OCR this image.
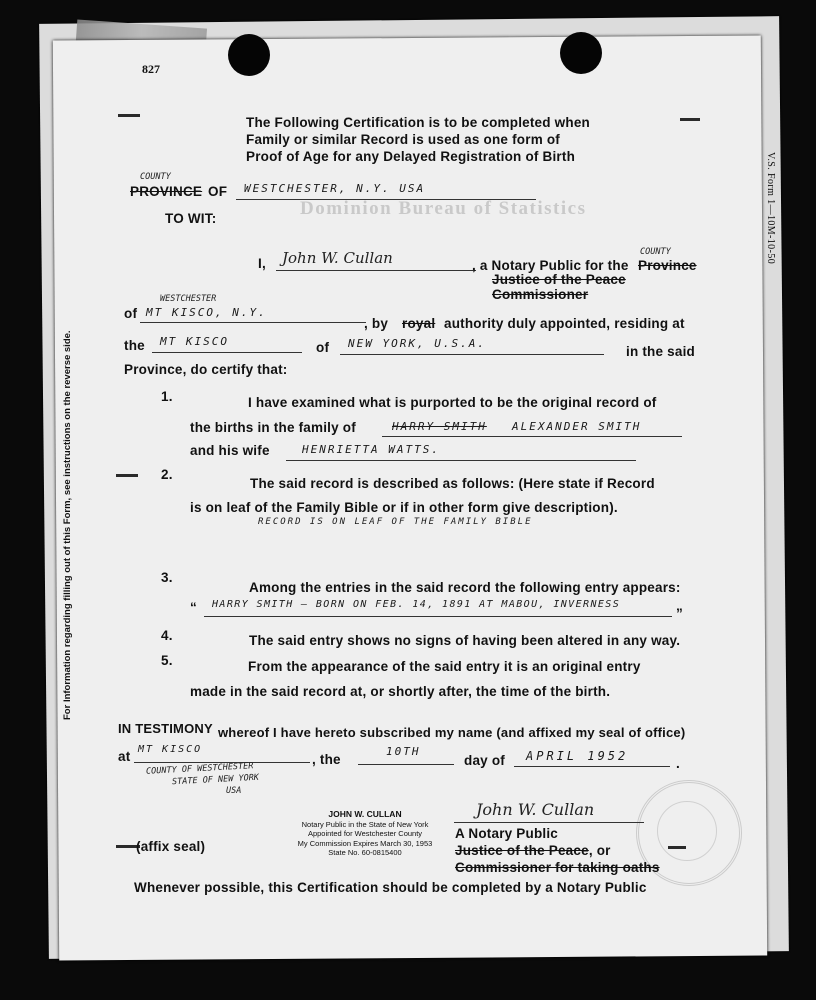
827
Dominion Bureau of Statistics
For Information regarding filling out of this Form, see instructions on the reverse side.
V.S. Form 1—10M-10-50
The Following Certification is to be completed when
Family or similar Record is used as one form of
Proof of Age for any Delayed Registration of Birth
COUNTY
PROVINCE OF WESTCHESTER, N.Y. USA
TO WIT:
I, John W. Cullan	, a Notary Public for the
COUNTY
Province
Justice of the Peace
Commissioner
of
WESTCHESTER
MT KISCO, N.Y.
, by royal authority duly appointed, residing at
the MT KISCO	of NEW YORK, U.S.A.
in the said
Province, do certify that:
1.	I have examined what is purported to be the original record of
the births in the family of	HARRY SMITH ALEXANDER SMITH
and his wife	HENRIETTA WATTS.
2.
The said record is described as follows: (Here state if Record
is on leaf of the Family Bible or if in other form give description).
RECORD IS ON LEAF OF THE FAMILY BIBLE
3.
Among the entries in the said record the following entry appears:
“ HARRY SMITH – BORN ON FEB. 14, 1891 AT MABOU, INVERNESS
”
4.	The said entry shows no signs of having been altered in any way.
5.	From the appearance of the said entry it is an original entry
made in the said record at, or shortly after, the time of the birth.
IN TESTIMONY whereof I have hereto subscribed my name (and affixed my seal of office)
at MT KISCO
, the
10TH
day of APRIL 1952	.
COUNTY OF WESTCHESTER
STATE OF NEW YORK
USA
JOHN W. CULLAN
Notary Public in the State of New York
Appointed for Westchester County
My Commission Expires March 30, 1953
State No. 60-0815400
John W. Cullan
A Notary Public
Justice of the Peace, or
Commissioner for taking oaths
(affix seal)
Whenever possible, this Certification should be completed by a Notary Public
